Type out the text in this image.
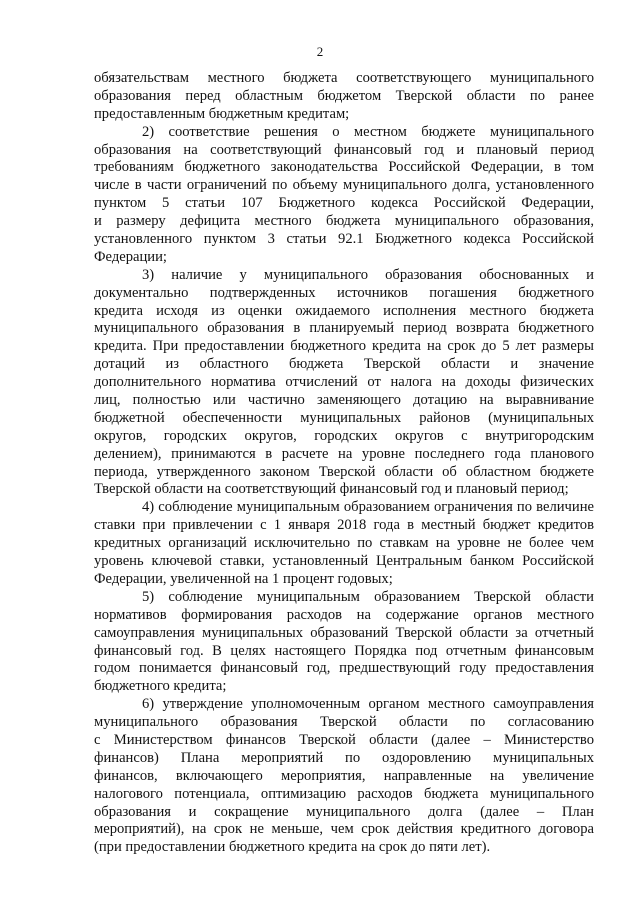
2
обязательствам местного бюджета соответствующего муниципального
образования перед областным бюджетом Тверской области по ранее
предоставленным бюджетным кредитам;
2) соответствие решения о местном бюджете муниципального
образования на соответствующий финансовый год и плановый период
требованиям бюджетного законодательства Российской Федерации, в том
числе в части ограничений по объему муниципального долга, установленного
пунктом 5 статьи 107 Бюджетного кодекса Российской Федерации,
и размеру дефицита местного бюджета муниципального образования,
установленного пунктом 3 статьи 92.1 Бюджетного кодекса Российской
Федерации;
3) наличие у муниципального образования обоснованных и
документально подтвержденных источников погашения бюджетного
кредита исходя из оценки ожидаемого исполнения местного бюджета
муниципального образования в планируемый период возврата бюджетного
кредита. При предоставлении бюджетного кредита на срок до 5 лет размеры
дотаций из областного бюджета Тверской области и значение
дополнительного норматива отчислений от налога на доходы физических
лиц, полностью или частично заменяющего дотацию на выравнивание
бюджетной обеспеченности муниципальных районов (муниципальных
округов, городских округов, городских округов с внутригородским
делением), принимаются в расчете на уровне последнего года планового
периода, утвержденного законом Тверской области об областном бюджете
Тверской области на соответствующий финансовый год и плановый период;
4) соблюдение муниципальным образованием ограничения по величине
ставки при привлечении с 1 января 2018 года в местный бюджет кредитов
кредитных организаций исключительно по ставкам на уровне не более чем
уровень ключевой ставки, установленный Центральным банком Российской
Федерации, увеличенной на 1 процент годовых;
5) соблюдение муниципальным образованием Тверской области
нормативов формирования расходов на содержание органов местного
самоуправления муниципальных образований Тверской области за отчетный
финансовый год. В целях настоящего Порядка под отчетным финансовым
годом понимается финансовый год, предшествующий году предоставления
бюджетного кредита;
6) утверждение уполномоченным органом местного самоуправления
муниципального образования Тверской области по согласованию
с Министерством финансов Тверской области (далее – Министерство
финансов) Плана мероприятий по оздоровлению муниципальных
финансов, включающего мероприятия, направленные на увеличение
налогового потенциала, оптимизацию расходов бюджета муниципального
образования и сокращение муниципального долга (далее – План
мероприятий), на срок не меньше, чем срок действия кредитного договора
(при предоставлении бюджетного кредита на срок до пяти лет).
